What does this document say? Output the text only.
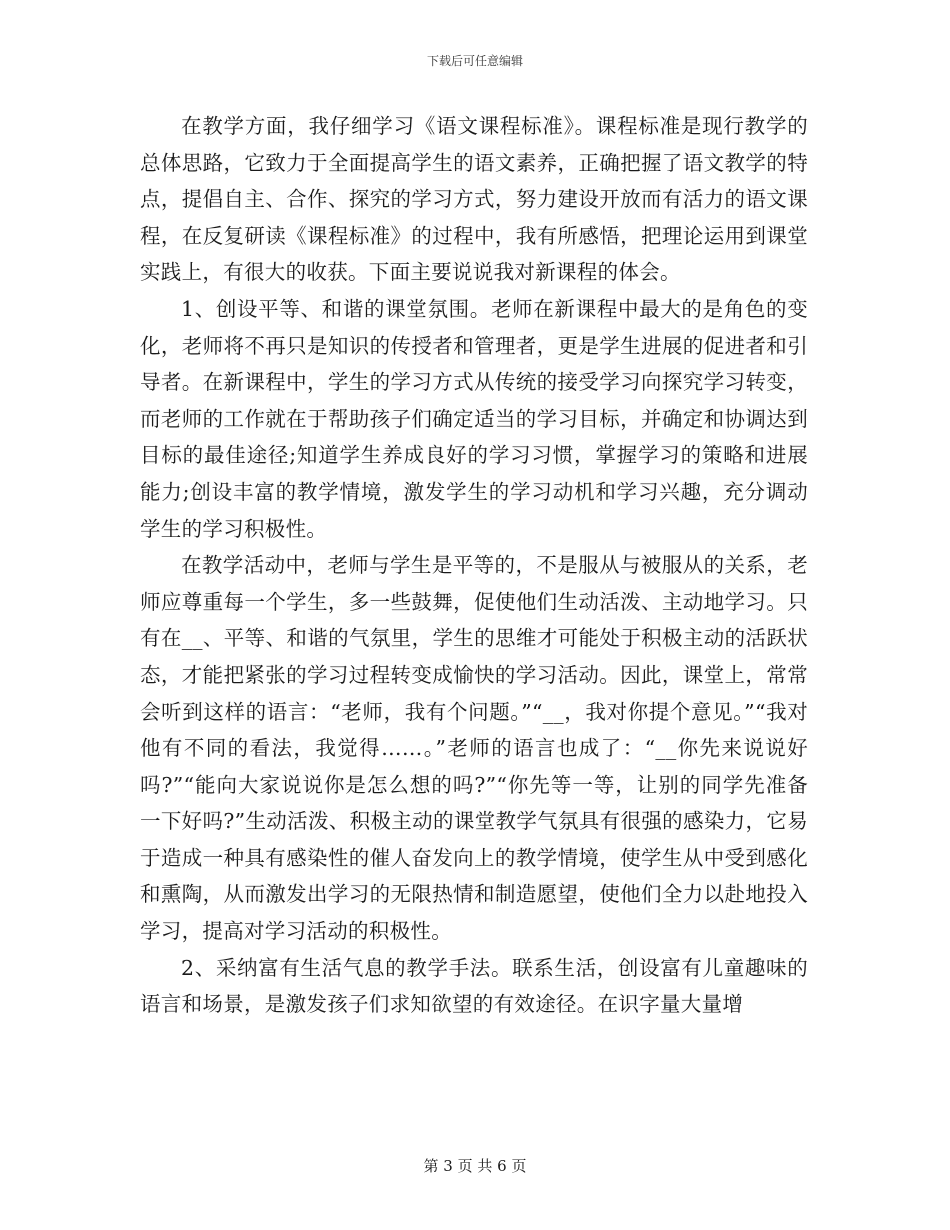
下载后可任意编辑

在教学方面，我仔细学习《语文课程标准》。课程标准是现行教学的总体思路，它致力于全面提高学生的语文素养，正确把握了语文教学的特点，提倡自主、合作、探究的学习方式，努力建设开放而有活力的语文课程，在反复研读《课程标准》的过程中，我有所感悟，把理论运用到课堂实践上，有很大的收获。下面主要说说我对新课程的体会。

1、创设平等、和谐的课堂氛围。老师在新课程中最大的是角色的变化，老师将不再只是知识的传授者和管理者，更是学生进展的促进者和引导者。在新课程中，学生的学习方式从传统的接受学习向探究学习转变，而老师的工作就在于帮助孩子们确定适当的学习目标，并确定和协调达到目标的最佳途径;知道学生养成良好的学习习惯，掌握学习的策略和进展能力;创设丰富的教学情境，激发学生的学习动机和学习兴趣，充分调动学生的学习积极性。

在教学活动中，老师与学生是平等的，不是服从与被服从的关系，老师应尊重每一个学生，多一些鼓舞，促使他们生动活泼、主动地学习。只有在__、平等、和谐的气氛里，学生的思维才可能处于积极主动的活跃状态，才能把紧张的学习过程转变成愉快的学习活动。因此，课堂上，常常会听到这样的语言：“老师，我有个问题。”“__，我对你提个意见。”“我对他有不同的看法，我觉得……。”老师的语言也成了：“__你先来说说好吗?”“能向大家说说你是怎么想的吗?”“你先等一等，让别的同学先准备一下好吗?”生动活泼、积极主动的课堂教学气氛具有很强的感染力，它易于造成一种具有感染性的催人奋发向上的教学情境，使学生从中受到感化和熏陶，从而激发出学习的无限热情和制造愿望，使他们全力以赴地投入学习，提高对学习活动的积极性。

2、采纳富有生活气息的教学手法。联系生活，创设富有儿童趣味的语言和场景，是激发孩子们求知欲望的有效途径。在识字量大量增

第 3 页 共 6 页
